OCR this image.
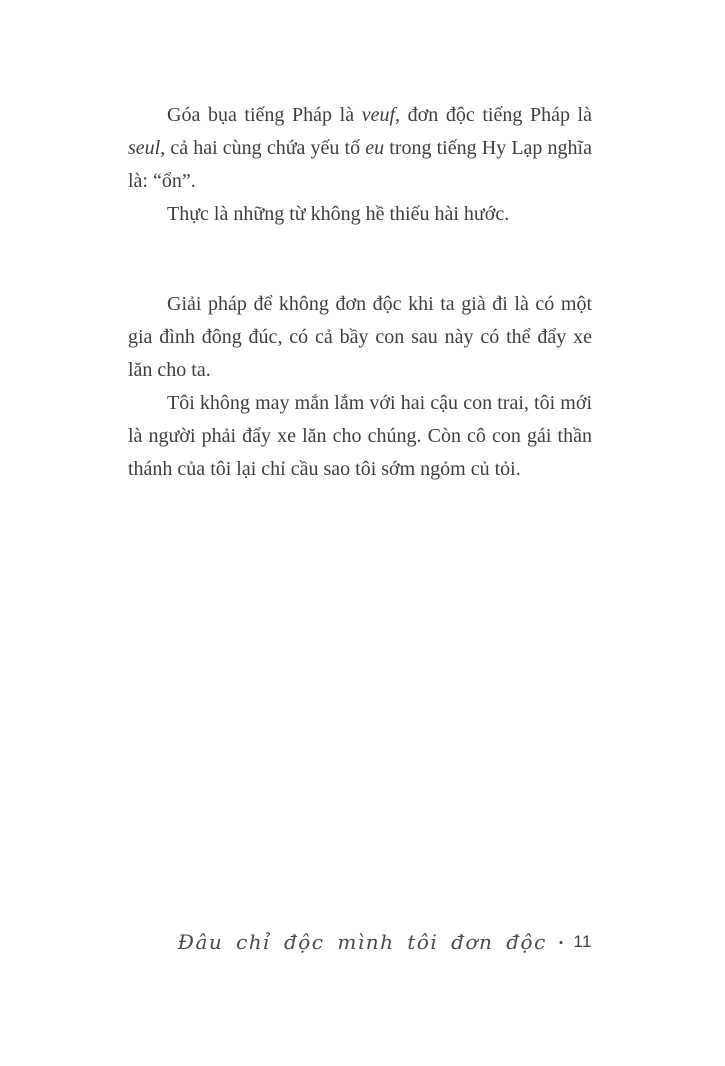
Góa bụa tiếng Pháp là veuf, đơn độc tiếng Pháp là seul, cả hai cùng chứa yếu tố eu trong tiếng Hy Lạp nghĩa là: “ổn”.

Thực là những từ không hề thiếu hài hước.

Giải pháp để không đơn độc khi ta già đi là có một gia đình đông đúc, có cả bầy con sau này có thể đẩy xe lăn cho ta.

Tôi không may mắn lắm với hai cậu con trai, tôi mới là người phải đẩy xe lăn cho chúng. Còn cô con gái thần thánh của tôi lại chỉ cầu sao tôi sớm ngỏm củ tỏi.

Đâu chỉ độc mình tôi đơn độc • 11
